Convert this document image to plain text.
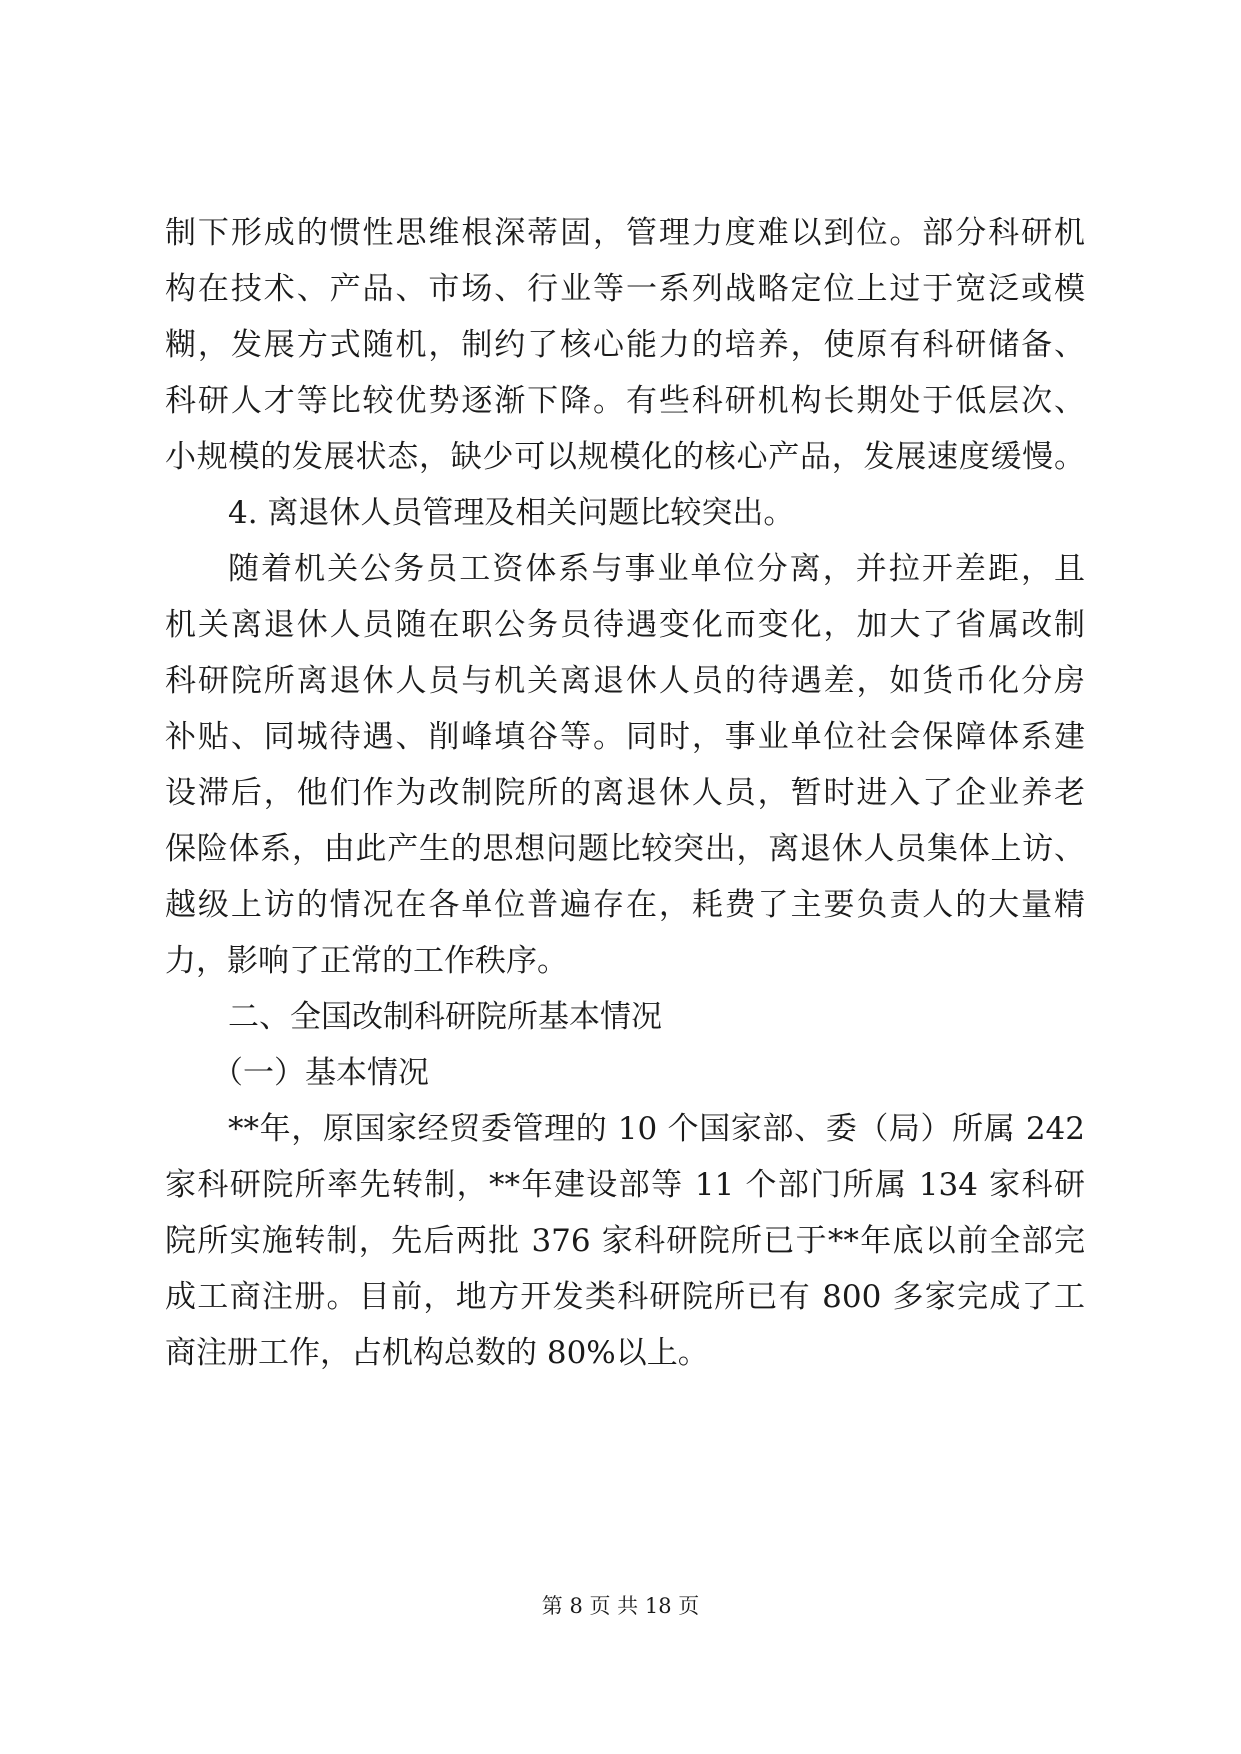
制下形成的惯性思维根深蒂固，管理力度难以到位。部分科研机
构在技术、产品、市场、行业等一系列战略定位上过于宽泛或模
糊，发展方式随机，制约了核心能力的培养，使原有科研储备、
科研人才等比较优势逐渐下降。有些科研机构长期处于低层次、
小规模的发展状态，缺少可以规模化的核心产品，发展速度缓慢。
4. 离退休人员管理及相关问题比较突出。
随着机关公务员工资体系与事业单位分离，并拉开差距，且
机关离退休人员随在职公务员待遇变化而变化，加大了省属改制
科研院所离退休人员与机关离退休人员的待遇差，如货币化分房
补贴、同城待遇、削峰填谷等。同时，事业单位社会保障体系建
设滞后，他们作为改制院所的离退休人员，暂时进入了企业养老
保险体系，由此产生的思想问题比较突出，离退休人员集体上访、
越级上访的情况在各单位普遍存在，耗费了主要负责人的大量精
力，影响了正常的工作秩序。
二、全国改制科研院所基本情况
（一）基本情况
**年，原国家经贸委管理的 10 个国家部、委（局）所属 242
家科研院所率先转制，**年建设部等 11 个部门所属 134 家科研
院所实施转制，先后两批 376 家科研院所已于**年底以前全部完
成工商注册。目前，地方开发类科研院所已有 800 多家完成了工
商注册工作，占机构总数的 80%以上。
第 8 页 共 18 页
